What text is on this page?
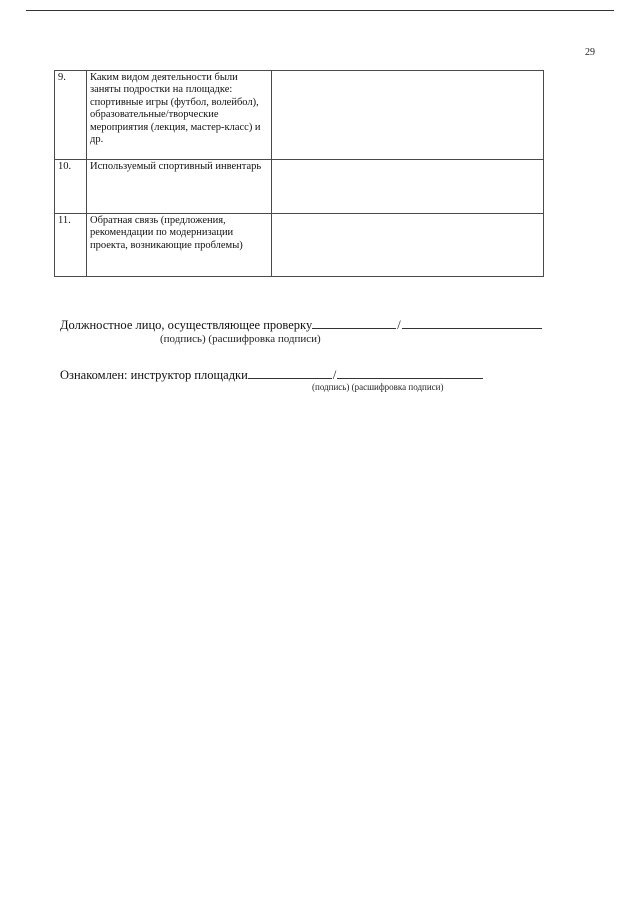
29
9.	Каким видом деятельности были заняты подростки на площадке: спортивные игры (футбол, волейбол), образовательные/творческие мероприятия (лекция, мастер-класс) и др.	
10.	Используемый спортивный инвентарь	
11.	Обратная связь (предложения, рекомендации по модернизации проекта, возникающие проблемы)	
Должностное лицо, осуществляющее проверку	/
(подпись) (расшифровка подписи)
Ознакомлен: инструктор площадки	/
(подпись) (расшифровка подписи)
